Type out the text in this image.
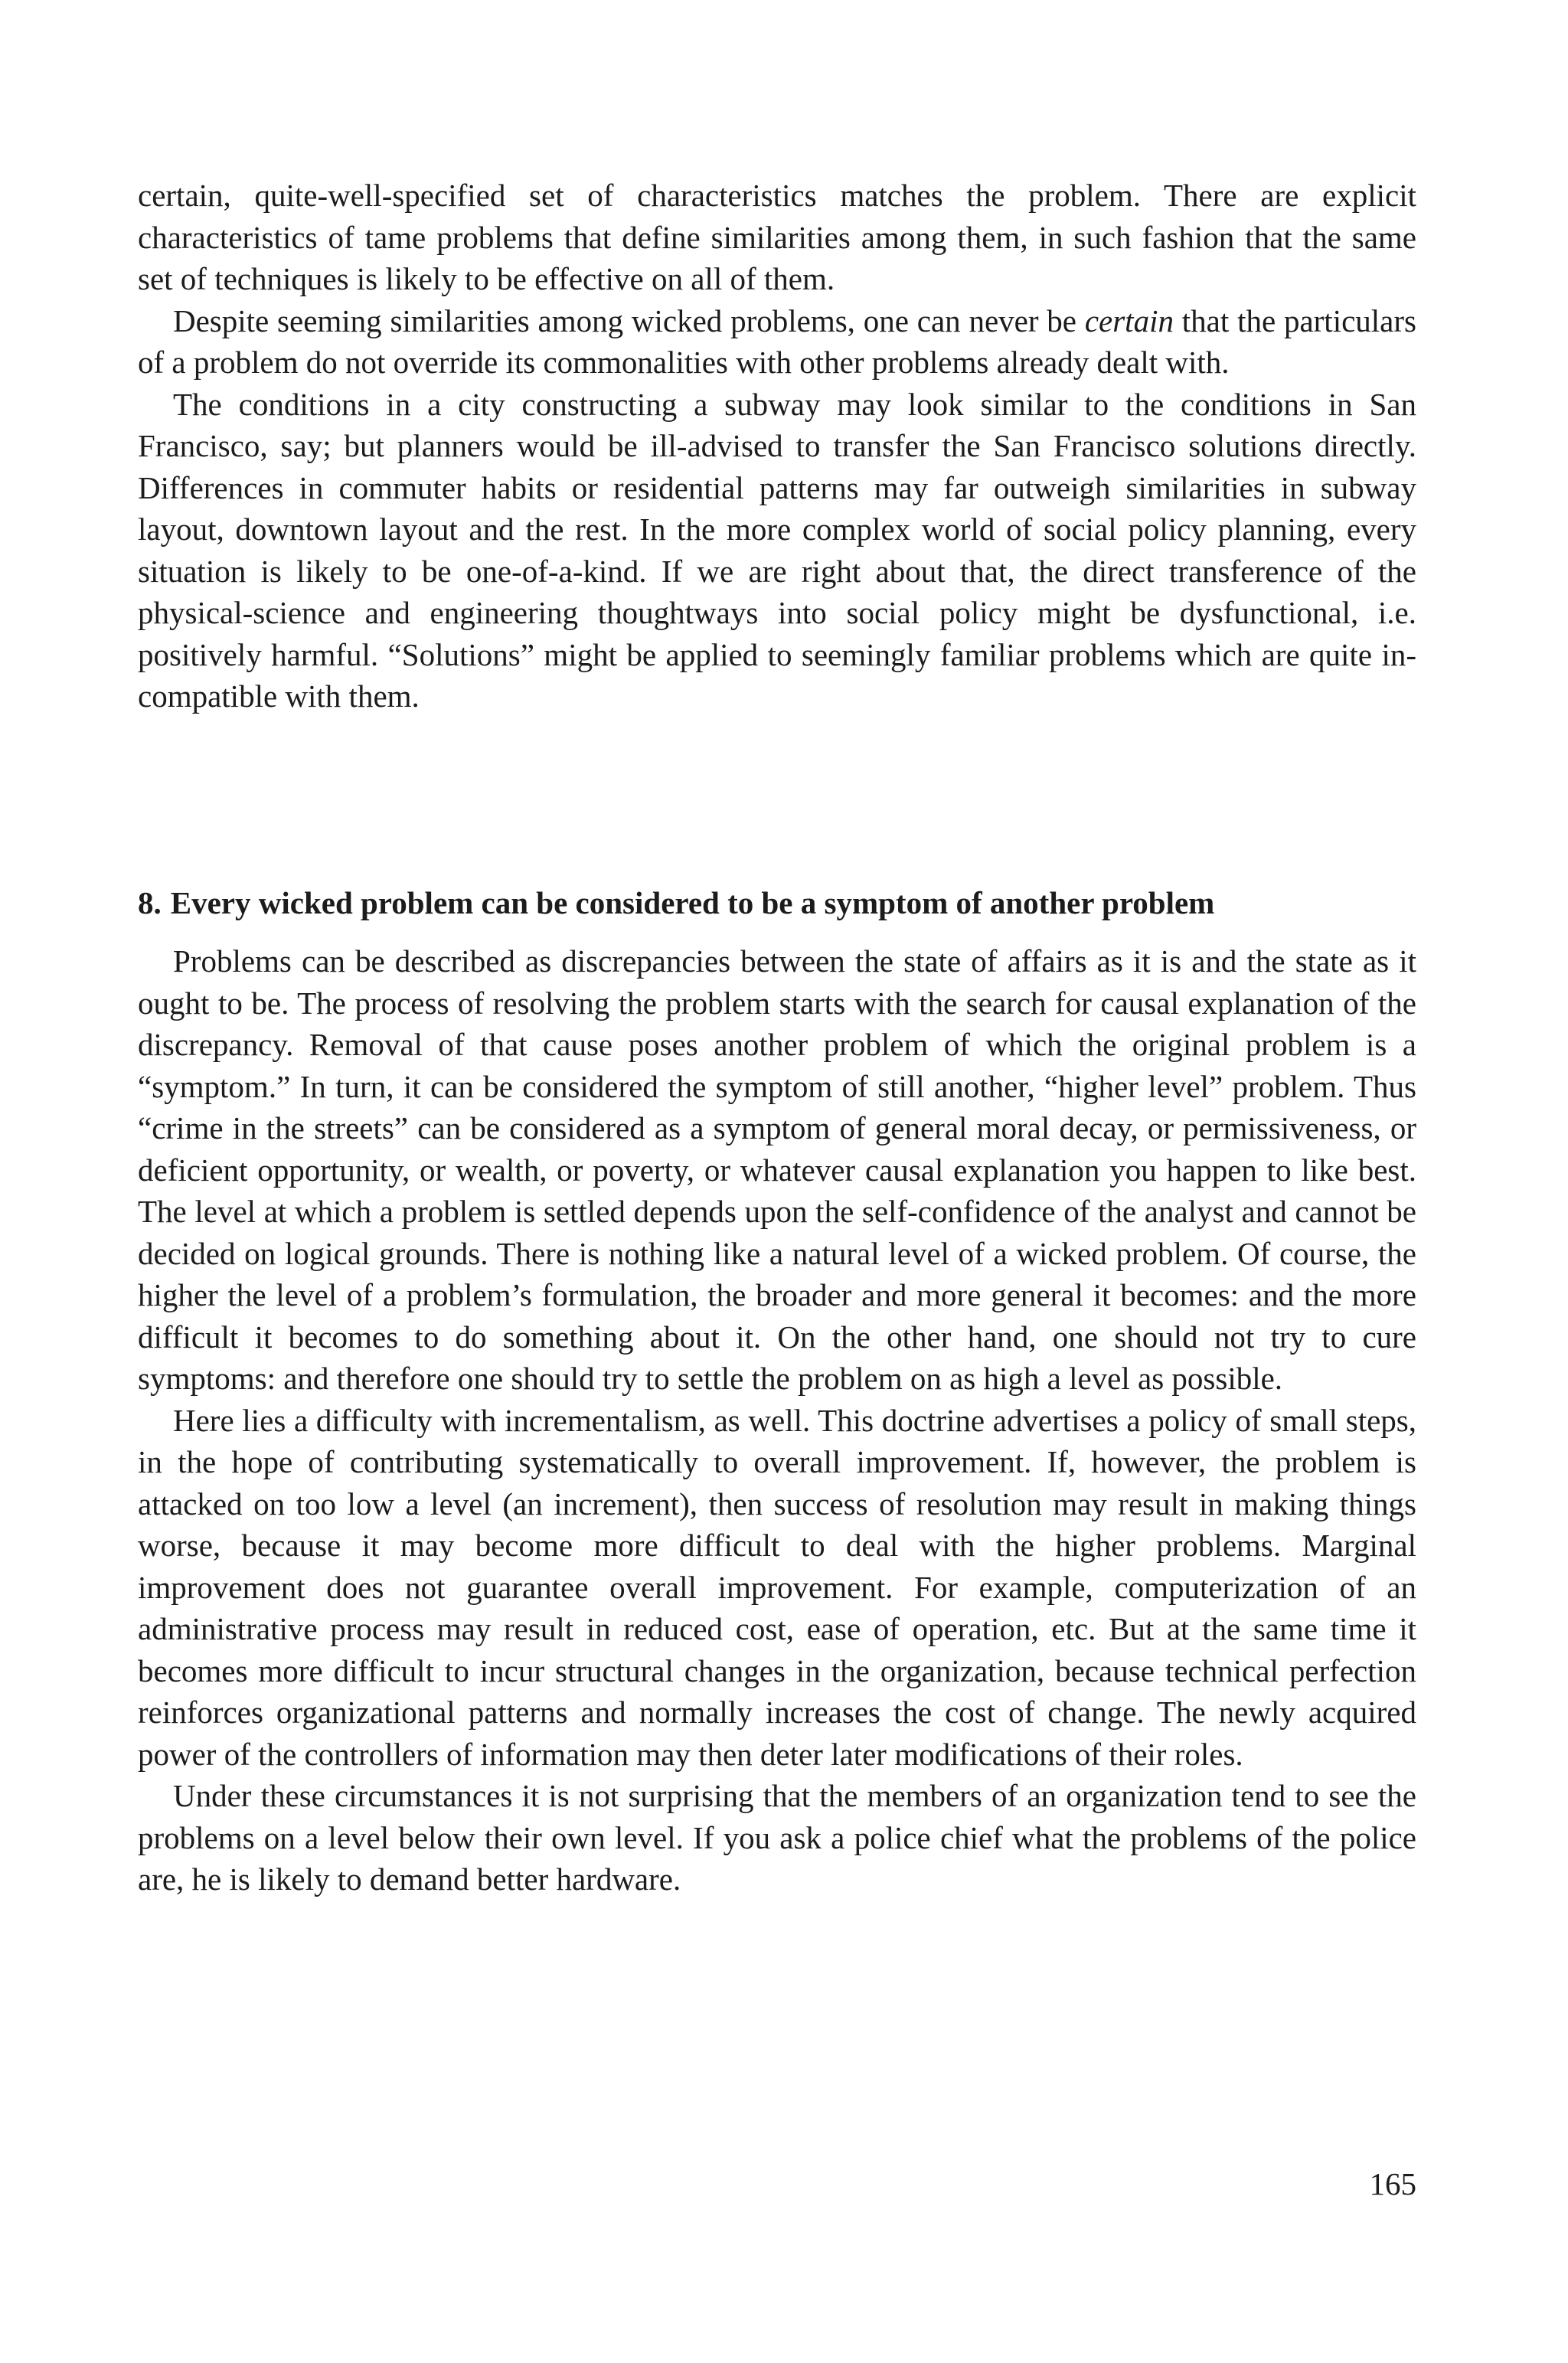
certain, quite-well-specified set of characteristics matches the problem. There are explicit characteristics of tame problems that define similarities among them, in such fashion that the same set of techniques is likely to be effective on all of them.

Despite seeming similarities among wicked problems, one can never be certain that the particulars of a problem do not override its commonalities with other problems already dealt with.

The conditions in a city constructing a subway may look similar to the conditions in San Francisco, say; but planners would be ill-advised to transfer the San Francisco solutions directly. Differences in commuter habits or residential patterns may far outweigh similarities in subway layout, downtown layout and the rest. In the more complex world of social policy planning, every situation is likely to be one-of-a-kind. If we are right about that, the direct transference of the physical-science and engineering thoughtways into social policy might be dysfunctional, i.e. positively harmful. “Solutions” might be applied to seemingly familiar problems which are quite incompatible with them.

8. Every wicked problem can be considered to be a symptom of another problem

Problems can be described as discrepancies between the state of affairs as it is and the state as it ought to be. The process of resolving the problem starts with the search for causal explanation of the discrepancy. Removal of that cause poses another problem of which the original problem is a “symptom.” In turn, it can be considered the symptom of still another, “higher level” problem. Thus “crime in the streets” can be considered as a symptom of general moral decay, or permissiveness, or deficient opportunity, or wealth, or poverty, or whatever causal explanation you happen to like best. The level at which a problem is settled depends upon the self-confidence of the analyst and cannot be decided on logical grounds. There is nothing like a natural level of a wicked problem. Of course, the higher the level of a problem’s formulation, the broader and more general it becomes: and the more difficult it becomes to do something about it. On the other hand, one should not try to cure symptoms: and therefore one should try to settle the problem on as high a level as possible.

Here lies a difficulty with incrementalism, as well. This doctrine advertises a policy of small steps, in the hope of contributing systematically to overall improvement. If, however, the problem is attacked on too low a level (an increment), then success of resolution may result in making things worse, because it may become more difficult to deal with the higher problems. Marginal improvement does not guarantee overall improvement. For example, computerization of an administrative process may result in reduced cost, ease of operation, etc. But at the same time it becomes more difficult to incur structural changes in the organization, because technical perfection reinforces organizational patterns and normally increases the cost of change. The newly acquired power of the controllers of information may then deter later modifications of their roles.

Under these circumstances it is not surprising that the members of an organization tend to see the problems on a level below their own level. If you ask a police chief what the problems of the police are, he is likely to demand better hardware.

165
